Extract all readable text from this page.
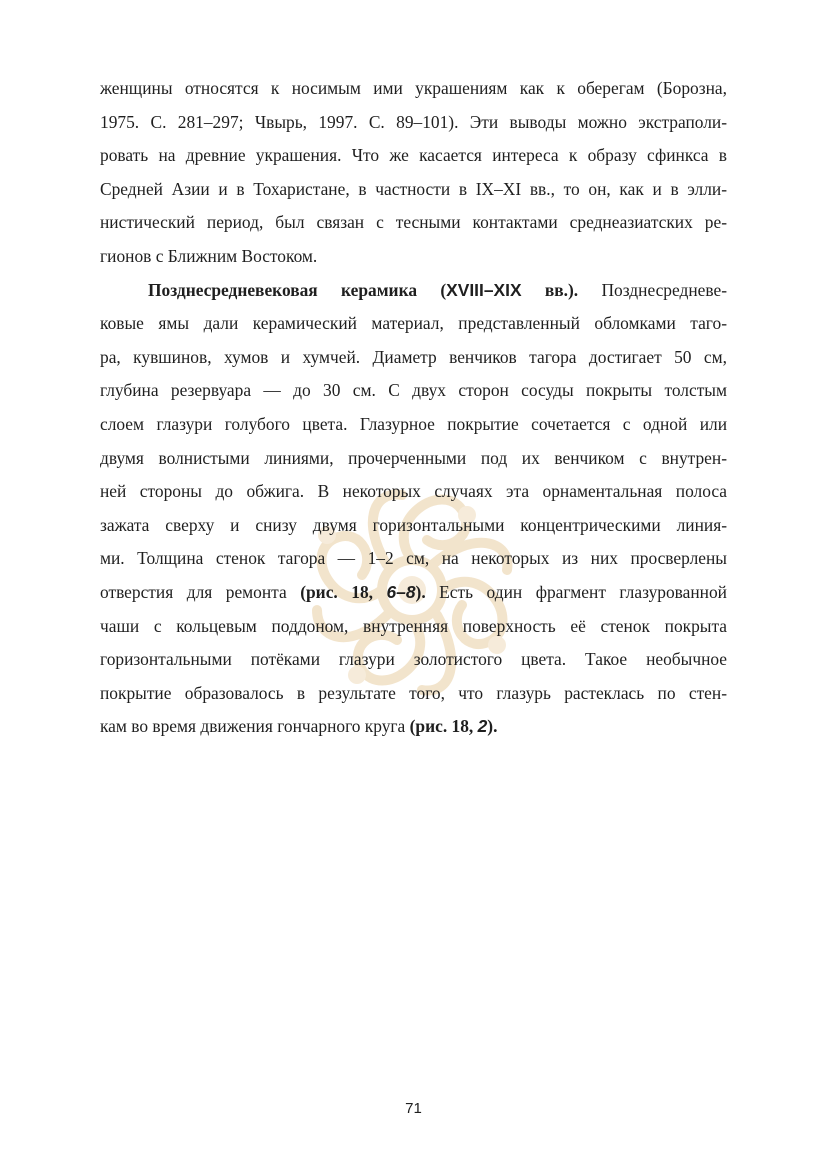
женщины относятся к носимым ими украшениям как к оберегам (Борозна,
1975. С. 281–297; Чвырь, 1997. С. 89–101). Эти выводы можно экстраполи-
ровать на древние украшения. Что же касается интереса к образу сфинкса в
Средней Азии и в Тохаристане, в частности в IX–XI вв., то он, как и в элли-
нистический период, был связан с тесными контактами среднеазиатских ре-
гионов с Ближним Востоком.

Позднесредневековая керамика (XVIII–XIX вв.). Позднесредневе-
ковые ямы дали керамический материал, представленный обломками таго-
ра, кувшинов, хумов и хумчей. Диаметр венчиков тагора достигает 50 см,
глубина резервуара — до 30 см. С двух сторон сосуды покрыты толстым
слоем глазури голубого цвета. Глазурное покрытие сочетается с одной или
двумя волнистыми линиями, прочерченными под их венчиком с внутрен-
ней стороны до обжига. В некоторых случаях эта орнаментальная полоса
зажата сверху и снизу двумя горизонтальными концентрическими линия-
ми. Толщина стенок тагора — 1–2 см, на некоторых из них просверлены
отверстия для ремонта (рис. 18, 6–8). Есть один фрагмент глазурованной
чаши с кольцевым поддоном, внутренняя поверхность её стенок покрыта
горизонтальными потёками глазури золотистого цвета. Такое необычное
покрытие образовалось в результате того, что глазурь растеклась по стен-
кам во время движения гончарного круга (рис. 18, 2).

71
